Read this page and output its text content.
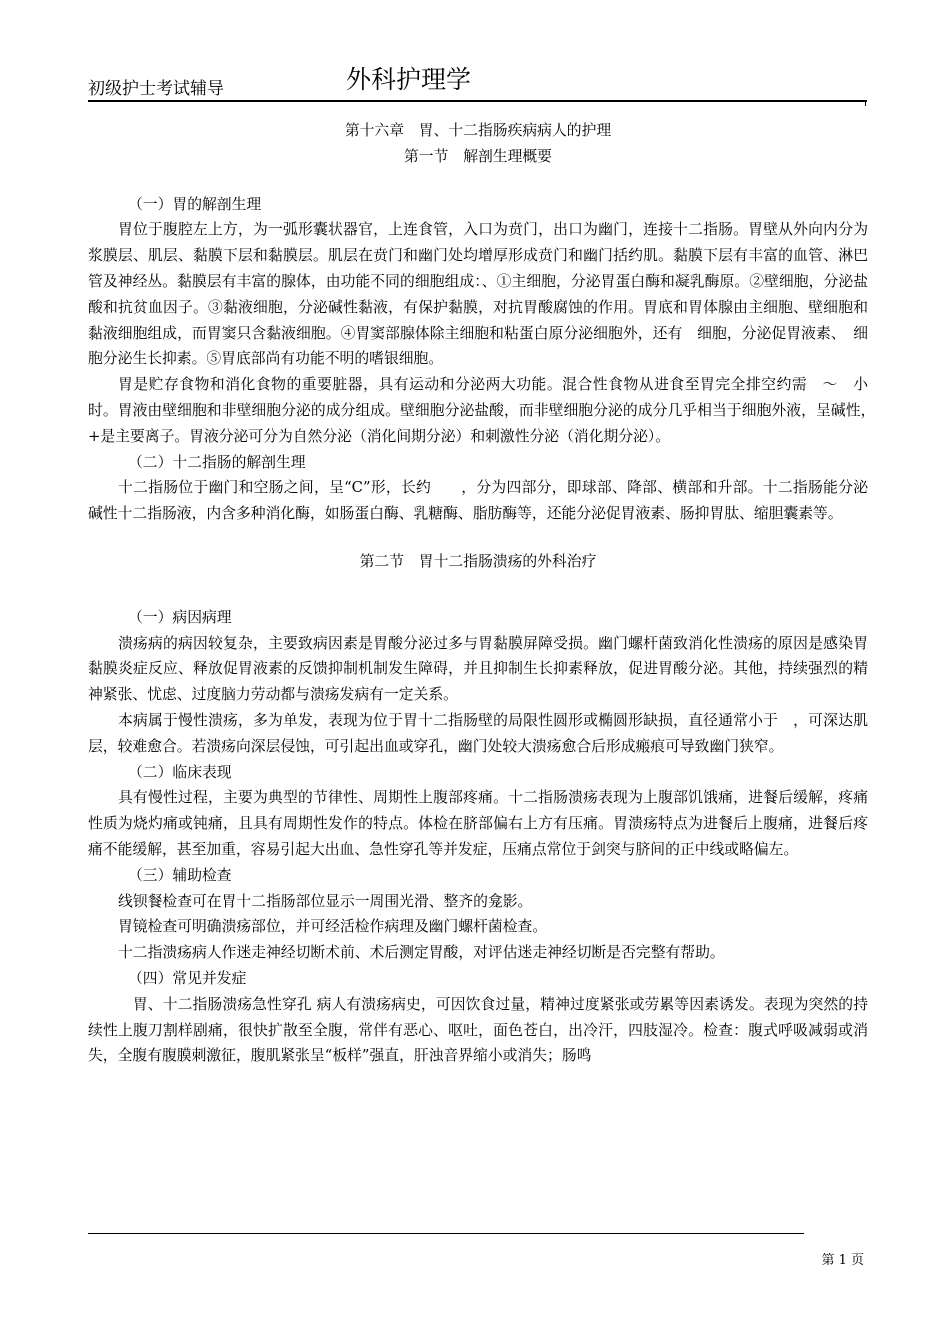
初级护士考试辅导	外科护理学
第十六章　胃、十二指肠疾病病人的护理
第一节　解剖生理概要
（一）胃的解剖生理

胃位于腹腔左上方，为一弧形囊状器官，上连食管，入口为贲门，出口为幽门，连接十二指肠。胃壁从外向内分为浆膜层、肌层、黏膜下层和黏膜层。肌层在贲门和幽门处均增厚形成贲门和幽门括约肌。黏膜下层有丰富的血管、淋巴管及神经丛。黏膜层有丰富的腺体，由功能不同的细胞组成：、①主细胞，分泌胃蛋白酶和凝乳酶原。②壁细胞，分泌盐酸和抗贫血因子。③黏液细胞，分泌碱性黏液，有保护黏膜，对抗胃酸腐蚀的作用。胃底和胃体腺由主细胞、壁细胞和黏液细胞组成，而胃窦只含黏液细胞。④胃窦部腺体除主细胞和粘蛋白原分泌细胞外，还有　细胞，分泌促胃液素、　细胞分泌生长抑素。⑤胃底部尚有功能不明的嗜银细胞。

胃是贮存食物和消化食物的重要脏器，具有运动和分泌两大功能。混合性食物从进食至胃完全排空约需　～　小时。胃液由壁细胞和非壁细胞分泌的成分组成。壁细胞分泌盐酸，而非壁细胞分泌的成分几乎相当于细胞外液，呈碱性，　 +是主要离子。胃液分泌可分为自然分泌（消化间期分泌）和刺激性分泌（消化期分泌）。

（二）十二指肠的解剖生理

十二指肠位于幽门和空肠之间，呈“C”形，长约　　，分为四部分，即球部、降部、横部和升部。十二指肠能分泌碱性十二指肠液，内含多种消化酶，如肠蛋白酶、乳糖酶、脂肪酶等，还能分泌促胃液素、肠抑胃肽、缩胆囊素等。

第二节　胃十二指肠溃疡的外科治疗
（一）病因病理

溃疡病的病因较复杂，主要致病因素是胃酸分泌过多与胃黏膜屏障受损。幽门螺杆菌致消化性溃疡的原因是感染胃黏膜炎症反应、释放促胃液素的反馈抑制机制发生障碍，并且抑制生长抑素释放，促进胃酸分泌。其他，持续强烈的精神紧张、忧虑、过度脑力劳动都与溃疡发病有一定关系。

本病属于慢性溃疡，多为单发，表现为位于胃十二指肠壁的局限性圆形或椭圆形缺损，直径通常小于　，可深达肌层，较难愈合。若溃疡向深层侵蚀，可引起出血或穿孔，幽门处较大溃疡愈合后形成瘢痕可导致幽门狭窄。

（二）临床表现

具有慢性过程，主要为典型的节律性、周期性上腹部疼痛。十二指肠溃疡表现为上腹部饥饿痛，进餐后缓解，疼痛性质为烧灼痛或钝痛，且具有周期性发作的特点。体检在脐部偏右上方有压痛。胃溃疡特点为进餐后上腹痛，进餐后疼痛不能缓解，甚至加重，容易引起大出血、急性穿孔等并发症，压痛点常位于剑突与脐间的正中线或略偏左。

（三）辅助检查

线钡餐检查可在胃十二指肠部位显示一周围光滑、整齐的龛影。

胃镜检查可明确溃疡部位，并可经活检作病理及幽门螺杆菌检查。

十二指溃疡病人作迷走神经切断术前、术后测定胃酸，对评估迷走神经切断是否完整有帮助。

（四）常见并发症

　胃、十二指肠溃疡急性穿孔 病人有溃疡病史，可因饮食过量，精神过度紧张或劳累等因素诱发。表现为突然的持续性上腹刀割样剧痛，很快扩散至全腹，常伴有恶心、呕吐，面色苍白，出冷汗，四肢湿冷。检查：腹式呼吸减弱或消失，全腹有腹膜刺激征，腹肌紧张呈“板样”强直，肝浊音界缩小或消失；肠鸣

第 1 页
